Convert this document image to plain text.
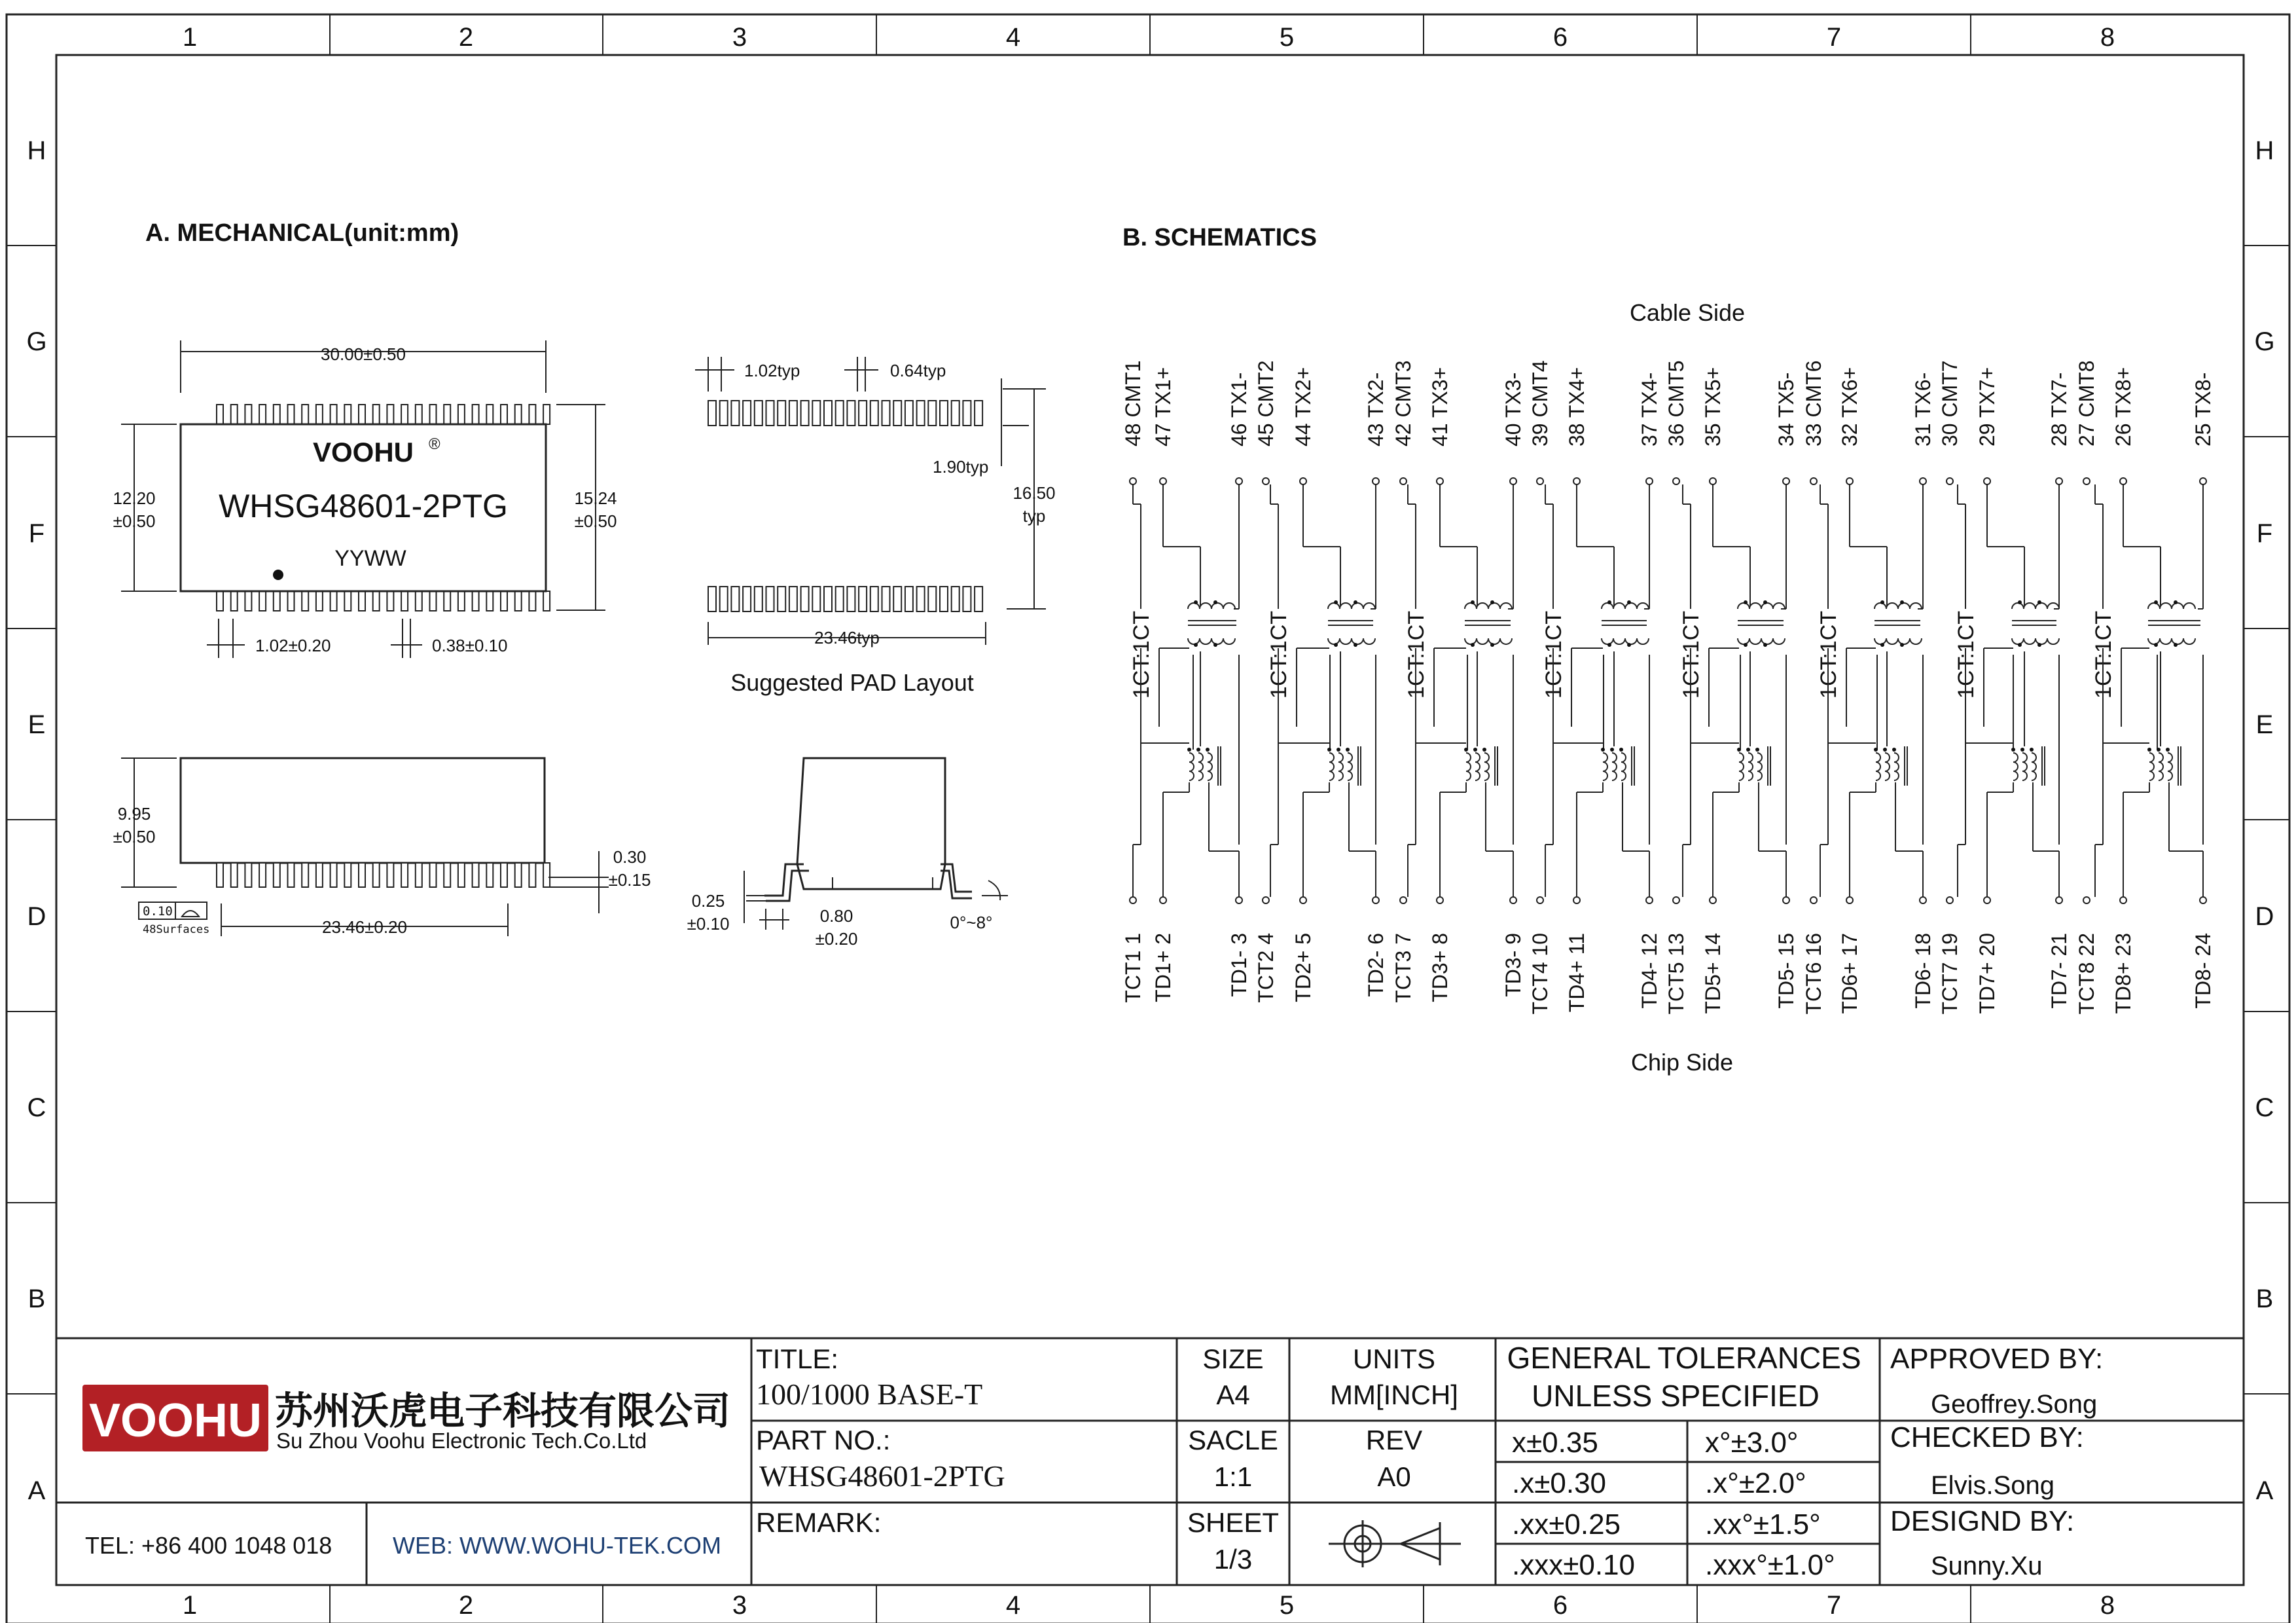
1	2	3	4	5	6	7	8
1	2	3	4	5	6	7	8
H
G
F
E
D
C
B
A
H
G
F
E
D
C
B
A
A. MECHANICAL(unit:mm)
VOOHU ®
WHSG48601-2PTG
YYWW
30.00±0.50
12.20
±0.50
15.24
±0.50
1.02±0.20	0.38±0.10
9.95
±0.50
0.30
±0.15
0.10
48Surfaces	23.46±0.20
1.02typ	0.64typ
1.90typ
16.50
typ
23.46typ
Suggested PAD Layout
0.25
±0.10	0.80
±0.20
0°~8°
B. SCHEMATICS
Cable Side
Chip Side
48 CMT1 47 TX1+	46 TX1- 45 CMT2 44 TX2+ 43 TX2- 42 CMT3 41 TX3+ 40 TX3- 39 CMT4 38 TX4+ 37 TX4- 36 CMT5 35 TX5+ 34 TX5- 33 CMT6 32 TX6+ 31 TX6- 30 CMT7 29 TX7+ 28 TX7- 27 CMT8 26 TX8+	25 TX8-
TCT1 1 TD1+ 2	TD1- 3 TCT2 4 TD2+ 5 TD2- 6 TCT3 7 TD3+ 8 TD3- 9 TCT4 10 TD4+ 11 TD4- 12 TCT5 13 TD5+ 14 TD5- 15 TCT6 16 TD6+ 17 TD6- 18 TCT7 19 TD7+ 20 TD7- 21 TCT8 22 TD8+ 23	TD8- 24
1CT:1CT	1CT:1CT	1CT:1CT	1CT:1CT	1CT:1CT	1CT:1CT	1CT:1CT	1CT:1CT
VOOHU 苏州沃虎电子科技有限公司
Su Zhou Voohu Electronic Tech.Co.Ltd
TEL: +86 400 1048 018	WEB: WWW.WOHU-TEK.COM
TITLE:
100/1000 BASE-T
PART NO.:
WHSG48601-2PTG
REMARK:
SIZE
A4
SACLE
1:1
SHEET
1/3
UNITS
MM[INCH]
REV
A0
GENERAL TOLERANCES
UNLESS SPECIFIED
x±0.35	x°±3.0°
.x±0.30	.x°±2.0°
.xx±0.25	.xx°±1.5°
.xxx±0.10 .xxx°±1.0°
APPROVED BY:
Geoffrey.Song
CHECKED BY:
Elvis.Song
DESIGND BY:
Sunny.Xu
